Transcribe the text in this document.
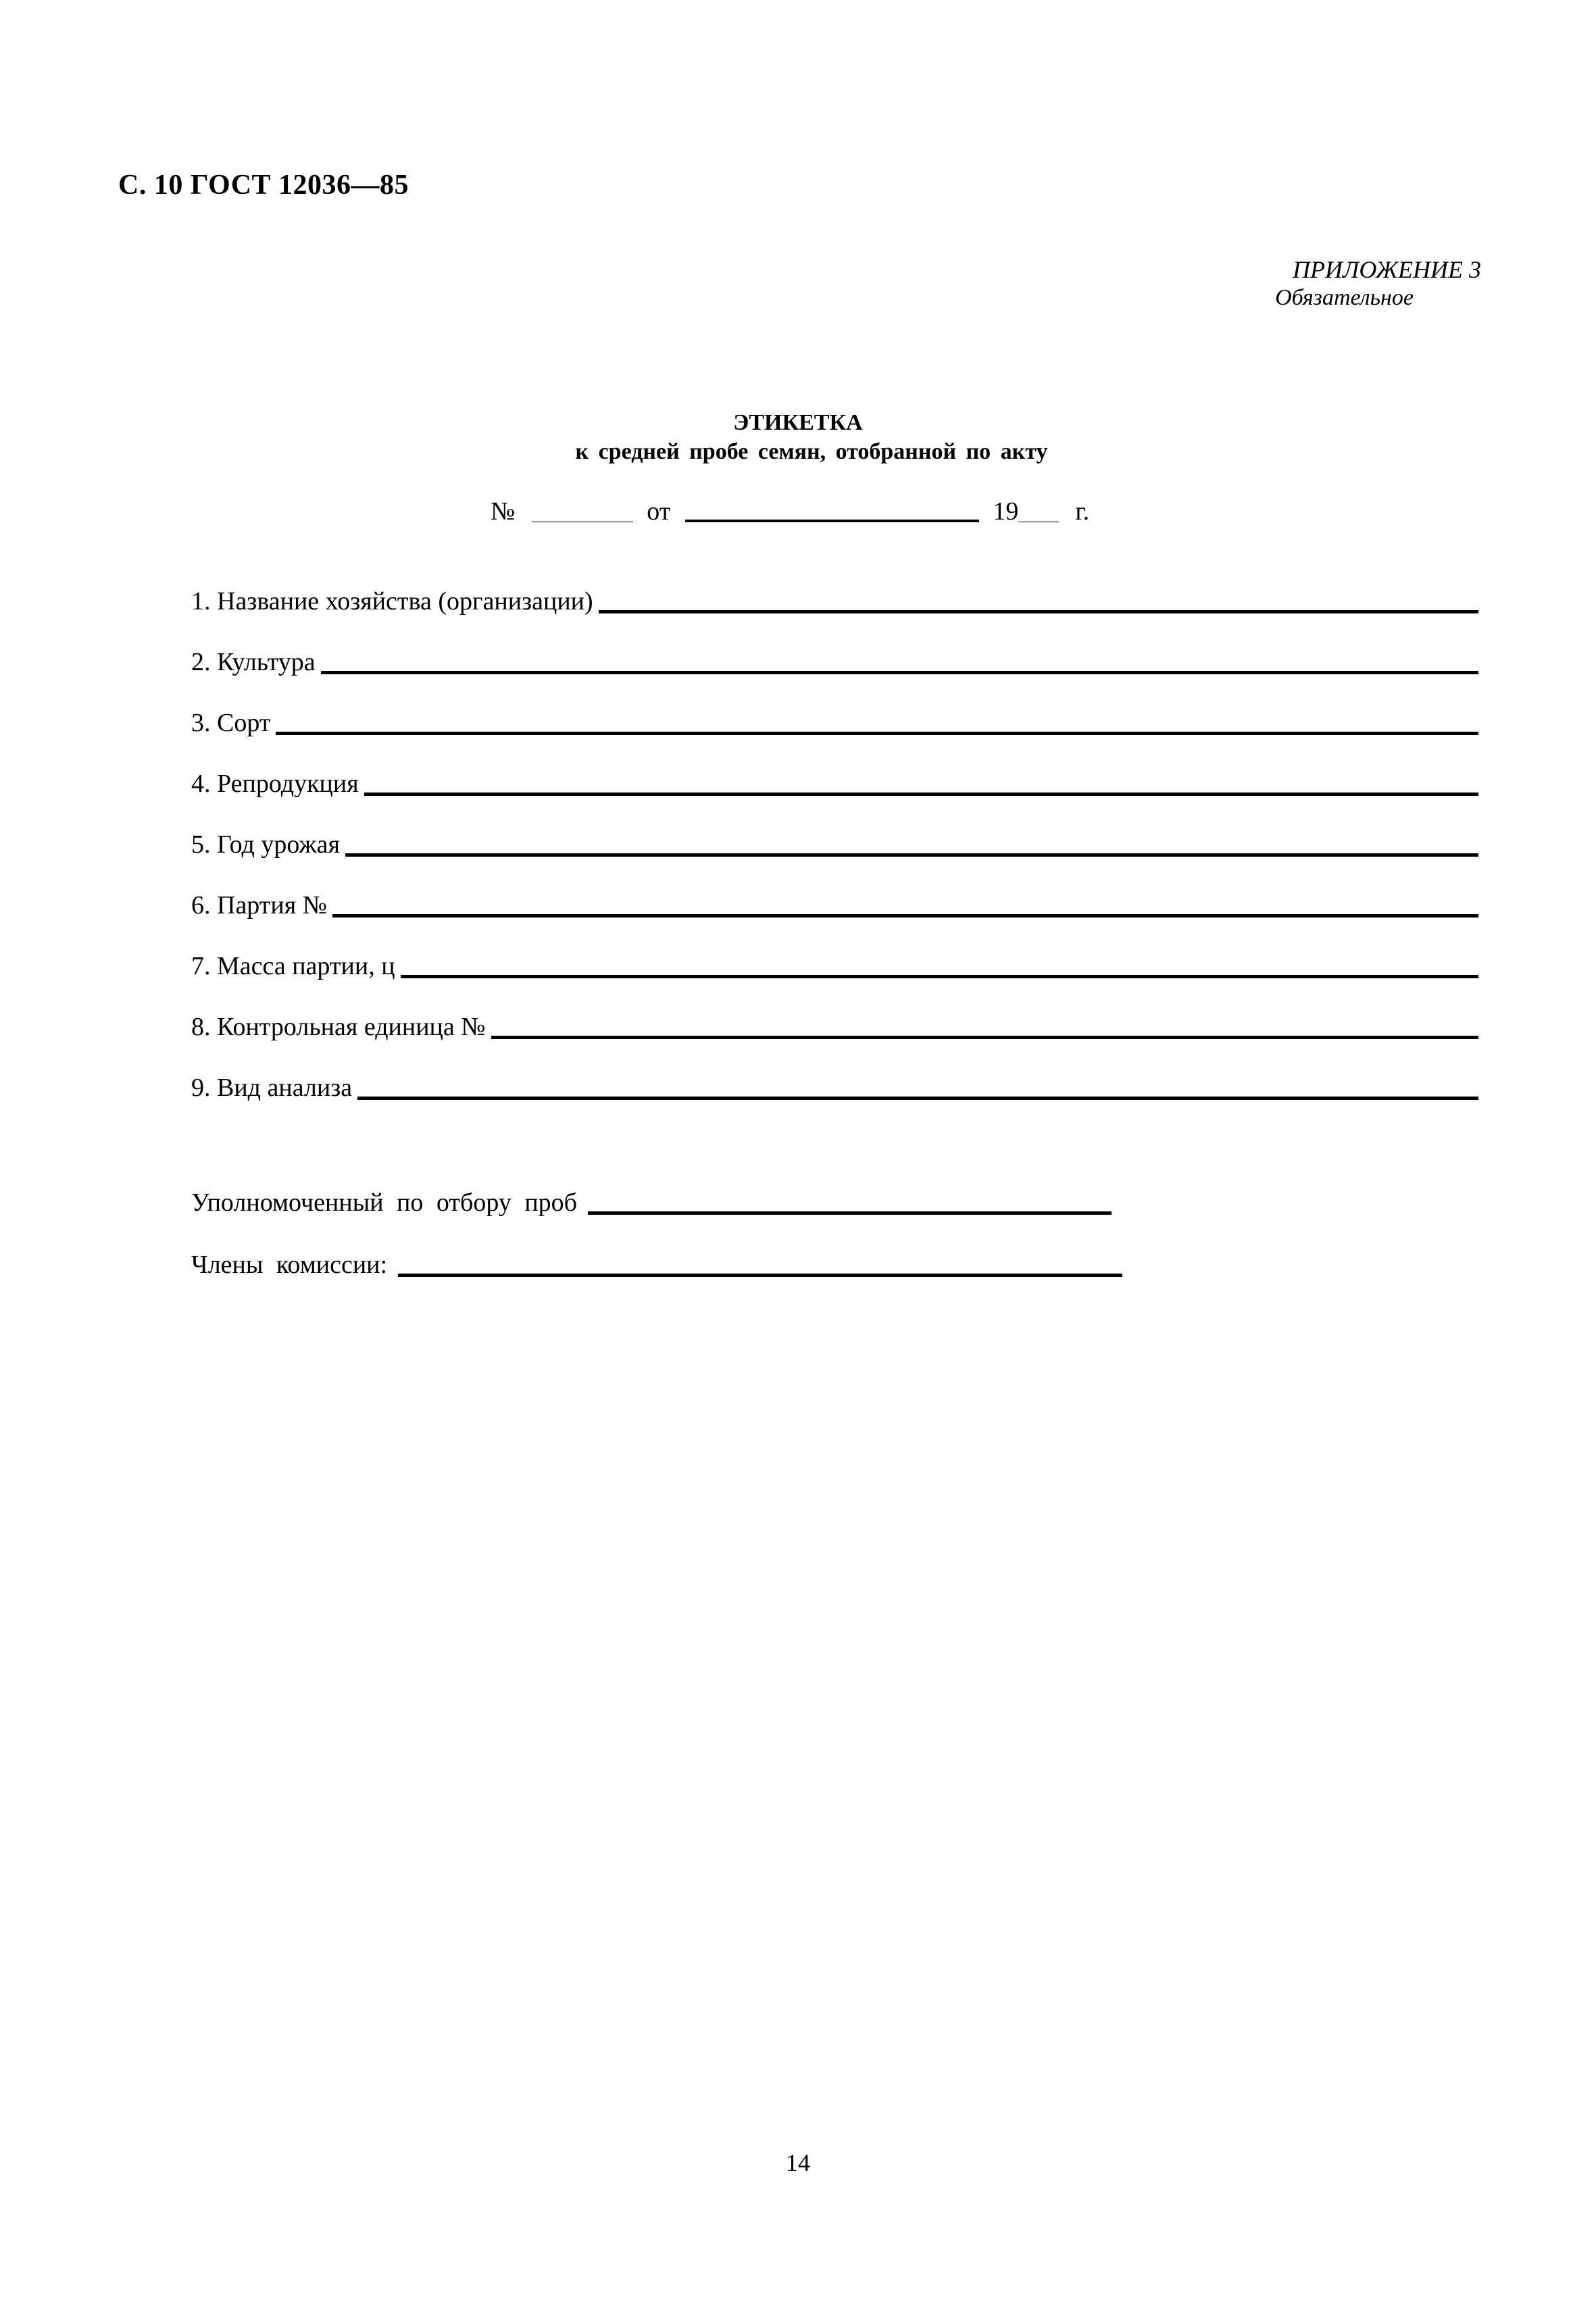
С. 10 ГОСТ 12036—85
ПРИЛОЖЕНИЕ 3
Обязательное
ЭТИКЕТКА
к средней пробе семян, отобранной по акту
№	от	19 г.
1. Название хозяйства (организации)
2. Культура
3. Сорт
4. Репродукция
5. Год урожая
6. Партия №
7. Масса партии, ц
8. Контрольная единица №
9. Вид анализа
Уполномоченный по отбору проб
Члены комиссии:
14
